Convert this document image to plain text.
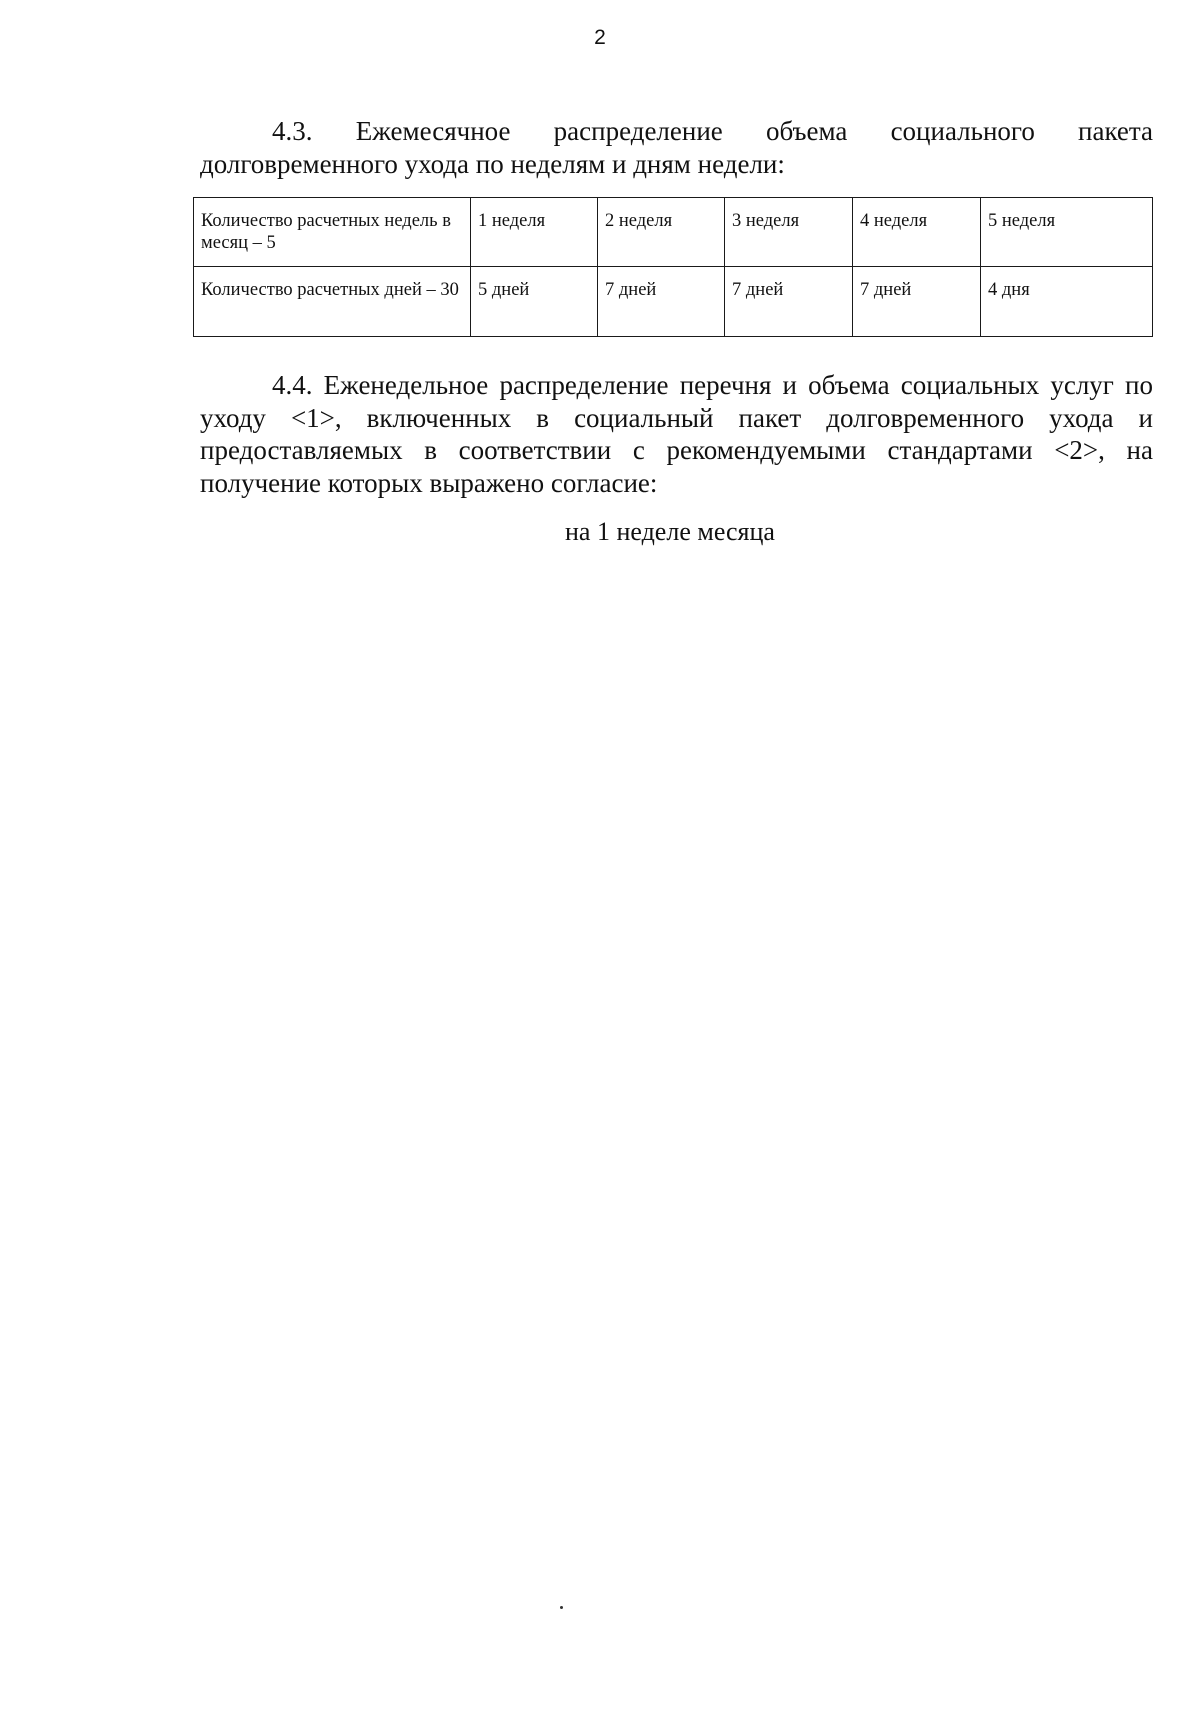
2

4.3. Ежемесячное распределение объема социального пакета долговременного ухода по неделям и дням недели:

Количество расчетных недель в месяц – 5	1 неделя	2 неделя	3 неделя	4 неделя	5 неделя
Количество расчетных дней – 30	5 дней	7 дней	7 дней	7 дней	4 дня

4.4. Еженедельное распределение перечня и объема социальных услуг по уходу <1>, включенных в социальный пакет долговременного ухода и предоставляемых в соответствии с рекомендуемыми стандартами <2>, на получение которых выражено согласие:

на 1 неделе месяца
